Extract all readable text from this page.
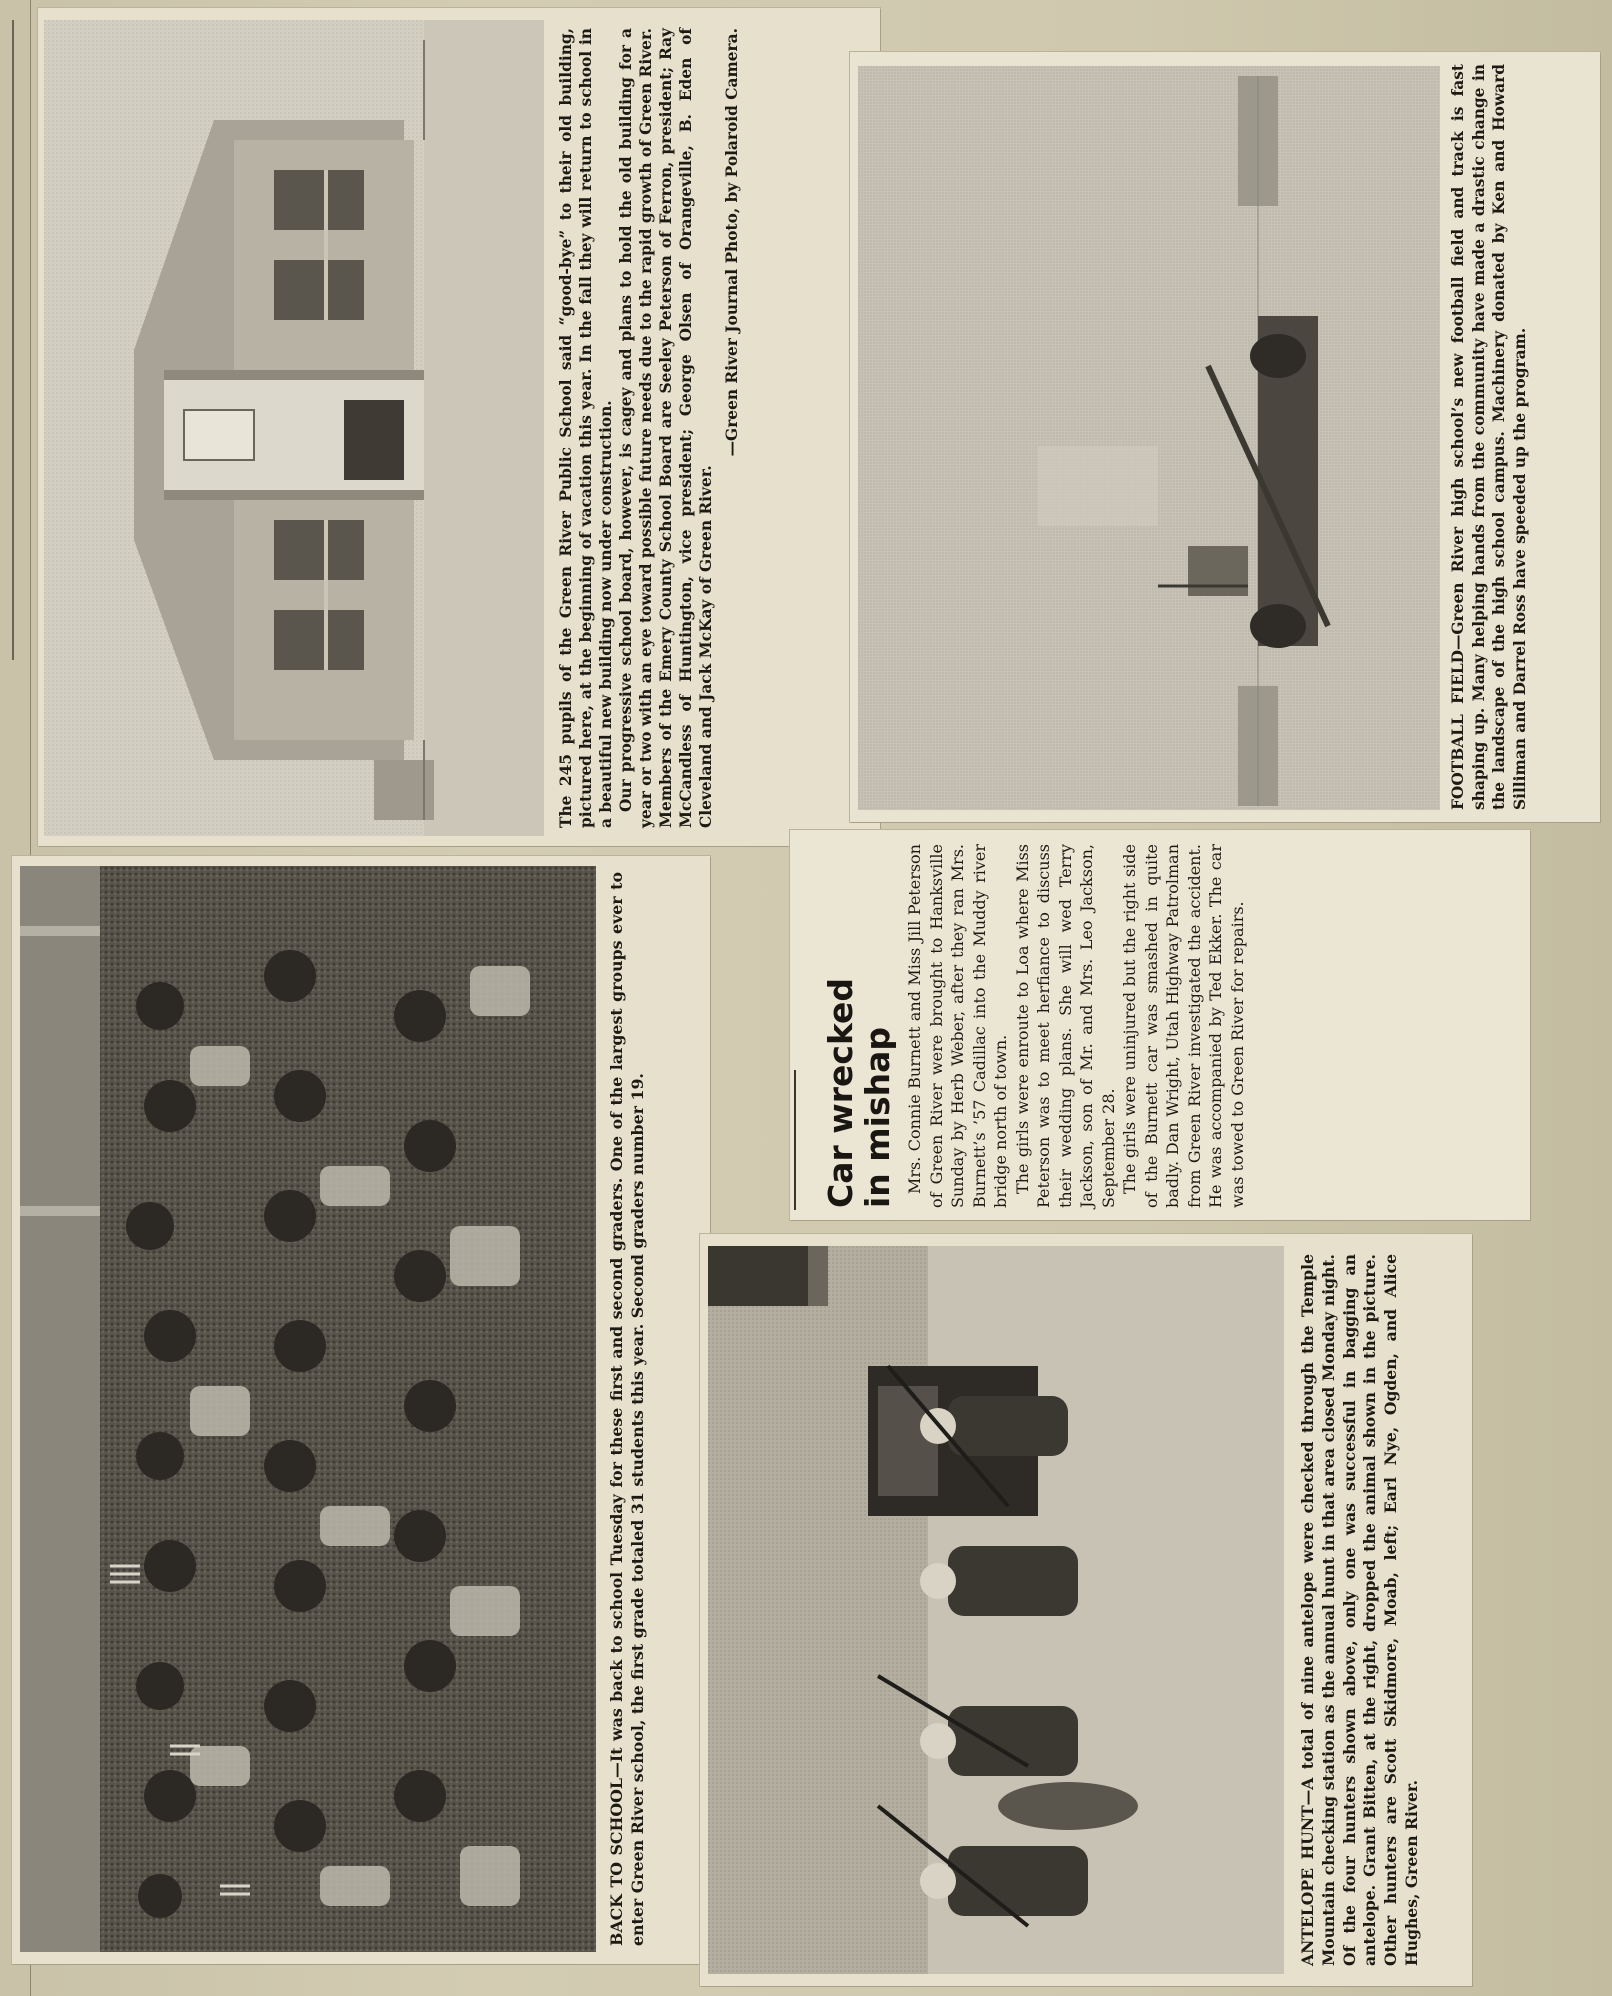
The 245 pupils of the Green River Public School said “good-bye” to their old building, pictured here, at the beginning of vacation this year. In the fall they will return to school in a beautiful new building now under construction. Our progressive school board, however, is cagey and plans to hold the old building for a year or two with an eye toward possible future needs due to the rapid growth of Green River. Members of the Emery County School Board are Seeley Peterson of Ferron, president; Ray McCandless of Huntington, vice president; George Olsen of Orangeville, B. Eden of Cleveland and Jack McKay of Green River.

—Green River Journal Photo, by Polaroid Camera.

FOOTBALL FIELD—Green River high school’s new football field and track is fast shaping up. Many helping hands from the community have made a drastic change in the landscape of the high school campus. Machinery donated by Ken and Howard Silliman and Darrel Ross have speeded up the program.

BACK TO SCHOOL—It was back to school Tuesday for these first and second graders. One of the largest groups ever to enter Green River school, the first grade totaled 31 students this year. Second graders number 19.	Car wrecked

in mishap Mrs. Connie Burnett and Miss Jill Peterson of Green River were brought to Hanksville Sunday by Herb Weber, after they ran Mrs. Burnett’s ’57 Cadillac into the Muddy river bridge north of town. The girls were enroute to Loa where Miss Peterson was to meet herfiance to discuss their wedding plans. She will wed Terry Jackson, son of Mr. and Mrs. Leo Jackson, September 28. The girls were uninjured but the right side of the Burnett car was smashed in quite badly. Dan Wright, Utah Highway Patrolman from Green River investigated the accident. He was accompanied by Ted Ekker. The car was towed to Green River for repairs.

ANTELOPE HUNT—A total of nine antelope were checked through the Temple Mountain checking station as the annual hunt in that area closed Monday night. Of the four hunters shown above, only one was successful in bagging an antelope. Grant Bitten, at the right, dropped the animal shown in the picture. Other hunters are Scott Skidmore, Moab, left; Earl Nye, Ogden, and Alice Hughes, Green River.
